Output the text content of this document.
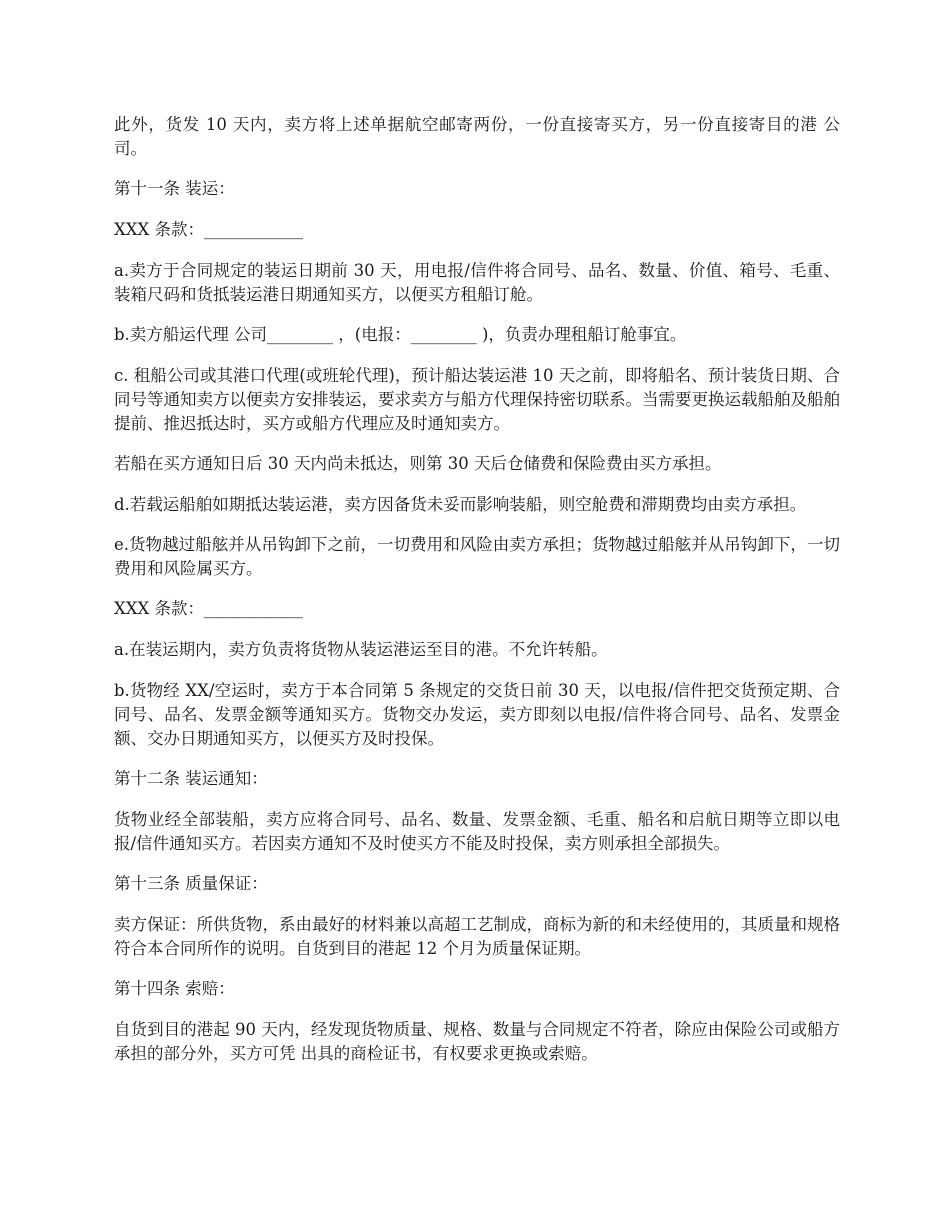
此外，货发 10 天内，卖方将上述单据航空邮寄两份，一份直接寄买方，另一份直接寄目的港 公司。

第十一条 装运：

XXX 条款：____________

a.卖方于合同规定的装运日期前 30 天，用电报/信件将合同号、品名、数量、价值、箱号、毛重、装箱尺码和货抵装运港日期通知买方，以便买方租船订舱。

b.卖方船运代理 公司________ ，(电报：________ )，负责办理租船订舱事宜。

c. 租船公司或其港口代理(或班轮代理)，预计船达装运港 10 天之前，即将船名、预计装货日期、合同号等通知卖方以便卖方安排装运，要求卖方与船方代理保持密切联系。当需要更换运载船舶及船舶提前、推迟抵达时，买方或船方代理应及时通知卖方。

若船在买方通知日后 30 天内尚未抵达，则第 30 天后仓储费和保险费由买方承担。

d.若载运船舶如期抵达装运港，卖方因备货未妥而影响装船，则空舱费和滞期费均由卖方承担。

e.货物越过船舷并从吊钩卸下之前，一切费用和风险由卖方承担；货物越过船舷并从吊钩卸下，一切费用和风险属买方。

XXX 条款：____________

a.在装运期内，卖方负责将货物从装运港运至目的港。不允许转船。

b.货物经 XX/空运时，卖方于本合同第 5 条规定的交货日前 30 天，以电报/信件把交货预定期、合同号、品名、发票金额等通知买方。货物交办发运，卖方即刻以电报/信件将合同号、品名、发票金额、交办日期通知买方，以便买方及时投保。

第十二条 装运通知：

货物业经全部装船，卖方应将合同号、品名、数量、发票金额、毛重、船名和启航日期等立即以电报/信件通知买方。若因卖方通知不及时使买方不能及时投保，卖方则承担全部损失。

第十三条 质量保证：

卖方保证：所供货物，系由最好的材料兼以高超工艺制成，商标为新的和未经使用的，其质量和规格符合本合同所作的说明。自货到目的港起 12 个月为质量保证期。

第十四条 索赔：

自货到目的港起 90 天内，经发现货物质量、规格、数量与合同规定不符者，除应由保险公司或船方承担的部分外，买方可凭 出具的商检证书，有权要求更换或索赔。
